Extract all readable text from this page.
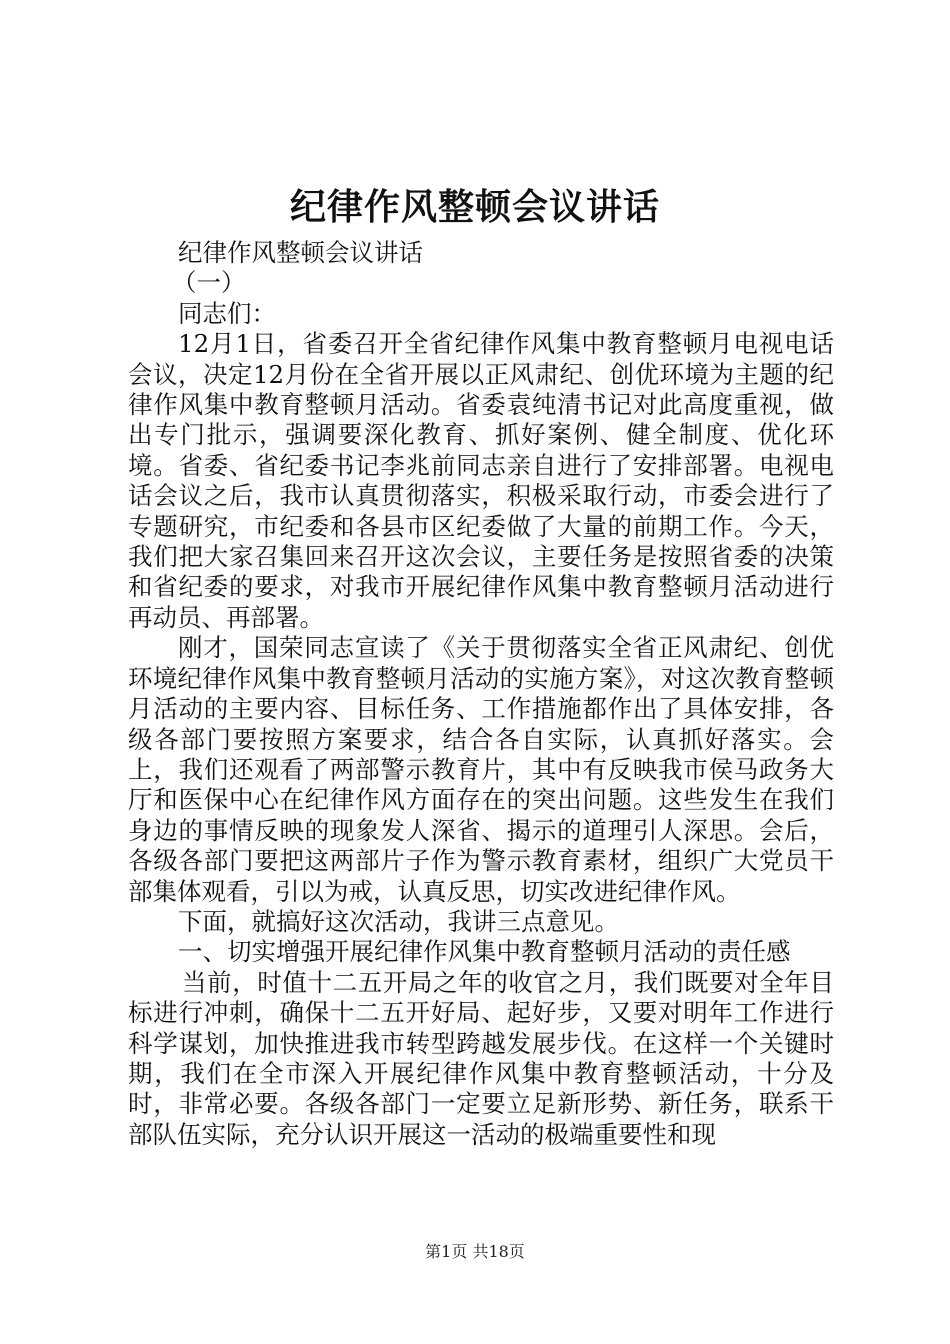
纪律作风整顿会议讲话

纪律作风整顿会议讲话

（一）

同志们：

12月1日，省委召开全省纪律作风集中教育整顿月电视电话会议，决定12月份在全省开展以正风肃纪、创优环境为主题的纪律作风集中教育整顿月活动。省委袁纯清书记对此高度重视，做出专门批示，强调要深化教育、抓好案例、健全制度、优化环境。省委、省纪委书记李兆前同志亲自进行了安排部署。电视电话会议之后，我市认真贯彻落实，积极采取行动，市委会进行了专题研究，市纪委和各县市区纪委做了大量的前期工作。今天，我们把大家召集回来召开这次会议，主要任务是按照省委的决策和省纪委的要求，对我市开展纪律作风集中教育整顿月活动进行再动员、再部署。

刚才，国荣同志宣读了《关于贯彻落实全省正风肃纪、创优环境纪律作风集中教育整顿月活动的实施方案》，对这次教育整顿月活动的主要内容、目标任务、工作措施都作出了具体安排，各级各部门要按照方案要求，结合各自实际，认真抓好落实。会上，我们还观看了两部警示教育片，其中有反映我市侯马政务大厅和医保中心在纪律作风方面存在的突出问题。这些发生在我们身边的事情反映的现象发人深省、揭示的道理引人深思。会后，各级各部门要把这两部片子作为警示教育素材，组织广大党员干部集体观看，引以为戒，认真反思，切实改进纪律作风。

下面，就搞好这次活动，我讲三点意见。

一、切实增强开展纪律作风集中教育整顿月活动的责任感

当前，时值十二五开局之年的收官之月，我们既要对全年目标进行冲刺，确保十二五开好局、起好步，又要对明年工作进行科学谋划，加快推进我市转型跨越发展步伐。在这样一个关键时期，我们在全市深入开展纪律作风集中教育整顿活动，十分及时，非常必要。各级各部门一定要立足新形势、新任务，联系干部队伍实际，充分认识开展这一活动的极端重要性和现

第1页 共18页
